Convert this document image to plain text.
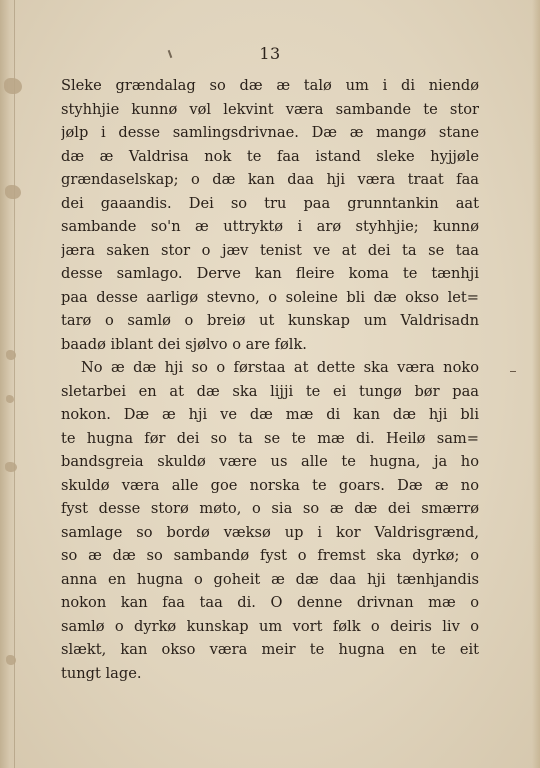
13
Sleke grændalag so dæ æ talø um i di niendø
styhhjie kunnø vøl lekvint væra sambande te stor
jølp i desse samlingsdrivnae. Dæ æ mangø stane
dæ æ Valdrisa nok te faa istand sleke hyjjøle
grændaselskap; o dæ kan daa hji væra traat faa
dei gaaandis. Dei so tru paa grunntankin aat
sambande so'n æ uttryktø i arø styhhjie; kunnø
jæra saken stor o jæv tenist ve at dei ta se taa
desse samlago. Derve kan fleire koma te tænhji
paa desse aarligø stevno, o soleine bli dæ okso let=
tarø o samlø o breiø ut kunskap um Valdrisadn
baadø iblant dei sjølvo o are følk.
No æ dæ hji so o førstaa at dette ska væra noko
sletarbei en at dæ ska lijji te ei tungø bør paa
nokon. Dæ æ hji ve dæ mæ di kan dæ hji bli
te hugna før dei so ta se te mæ di. Heilø sam=
bandsgreia skuldø være us alle te hugna, ja ho
skuldø væra alle goe norska te goars. Dæ æ no
fyst desse storø møto, o sia so æ dæ dei smærrø
samlage so bordø væksø up i kor Valdrisgrænd,
so æ dæ so sambandø fyst o fremst ska dyrkø; o
anna en hugna o goheit æ dæ daa hji tænhjandis
nokon kan faa taa di. O denne drivnan mæ o
samlø o dyrkø kunskap um vort følk o deiris liv o
slækt, kan okso væra meir te hugna en te eit
tungt lage.
